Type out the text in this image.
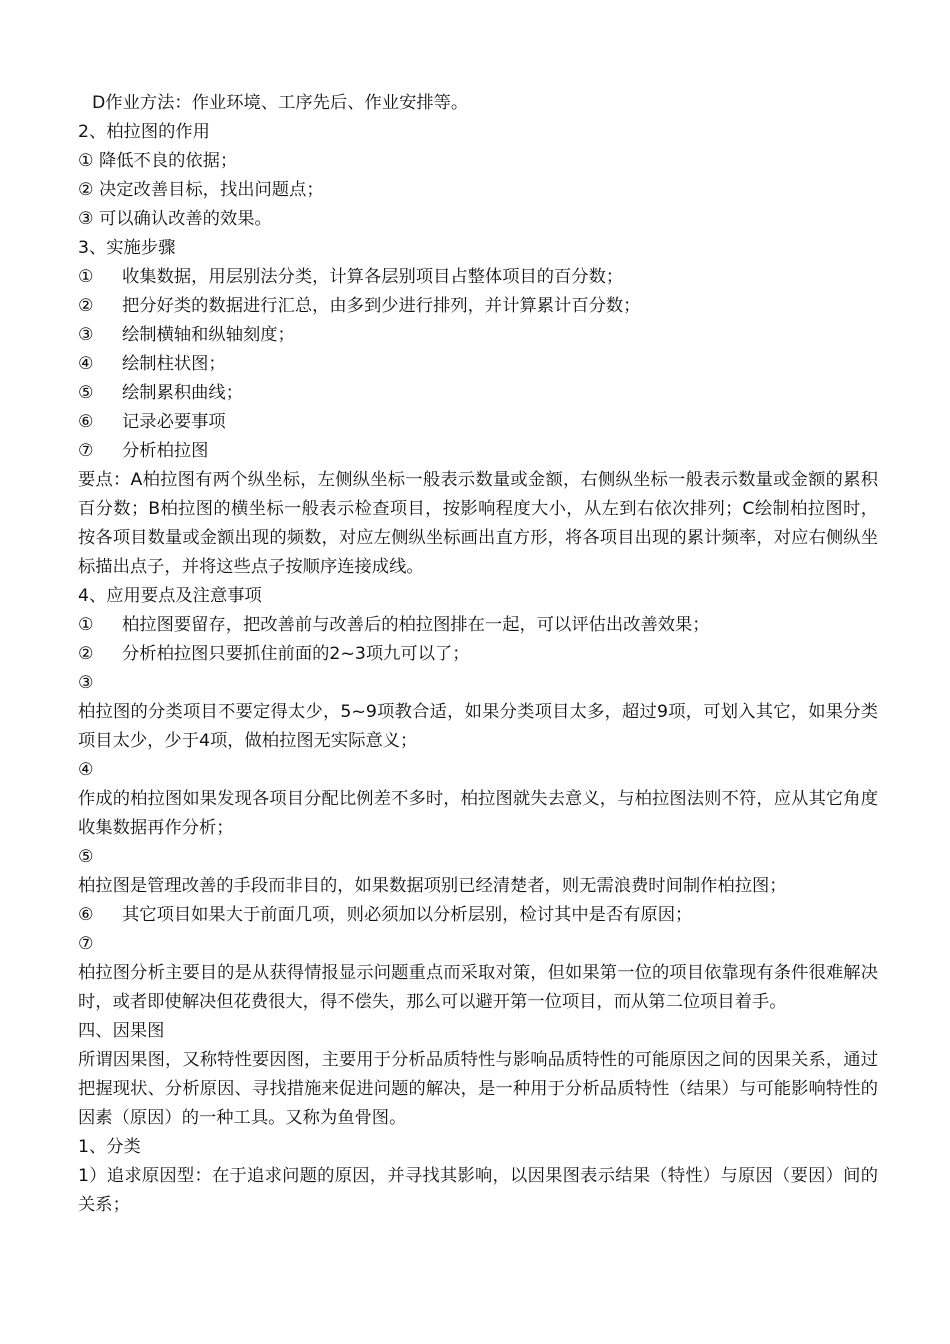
D作业方法：作业环境、工序先后、作业安排等。
2、柏拉图的作用
① 降低不良的依据；
② 决定改善目标，找出问题点；
③ 可以确认改善的效果。
3、实施步骤
①	收集数据，用层别法分类，计算各层别项目占整体项目的百分数；
②	把分好类的数据进行汇总，由多到少进行排列，并计算累计百分数；
③	绘制横轴和纵轴刻度；
④	绘制柱状图；
⑤	绘制累积曲线；
⑥	记录必要事项
⑦	分析柏拉图
要点：A柏拉图有两个纵坐标，左侧纵坐标一般表示数量或金额，右侧纵坐标一般表示数量或金额的累积百分数；B柏拉图的横坐标一般表示检查项目，按影响程度大小，从左到右依次排列；C绘制柏拉图时，按各项目数量或金额出现的频数，对应左侧纵坐标画出直方形，将各项目出现的累计频率，对应右侧纵坐标描出点子，并将这些点子按顺序连接成线。
4、应用要点及注意事项
①	柏拉图要留存，把改善前与改善后的柏拉图排在一起，可以评估出改善效果；
②	分析柏拉图只要抓住前面的2~3项九可以了；
③
柏拉图的分类项目不要定得太少，5~9项教合适，如果分类项目太多，超过9项，可划入其它，如果分类项目太少，少于4项，做柏拉图无实际意义；
④
作成的柏拉图如果发现各项目分配比例差不多时，柏拉图就失去意义，与柏拉图法则不符，应从其它角度收集数据再作分析；
⑤
柏拉图是管理改善的手段而非目的，如果数据项别已经清楚者，则无需浪费时间制作柏拉图；
⑥	其它项目如果大于前面几项，则必须加以分析层别，检讨其中是否有原因；
⑦
柏拉图分析主要目的是从获得情报显示问题重点而采取对策，但如果第一位的项目依靠现有条件很难解决时，或者即使解决但花费很大，得不偿失，那么可以避开第一位项目，而从第二位项目着手。
四、因果图
所谓因果图，又称特性要因图，主要用于分析品质特性与影响品质特性的可能原因之间的因果关系，通过把握现状、分析原因、寻找措施来促进问题的解决，是一种用于分析品质特性（结果）与可能影响特性的因素（原因）的一种工具。又称为鱼骨图。
1、分类
1）追求原因型：在于追求问题的原因，并寻找其影响，以因果图表示结果（特性）与原因（要因）间的关系；
